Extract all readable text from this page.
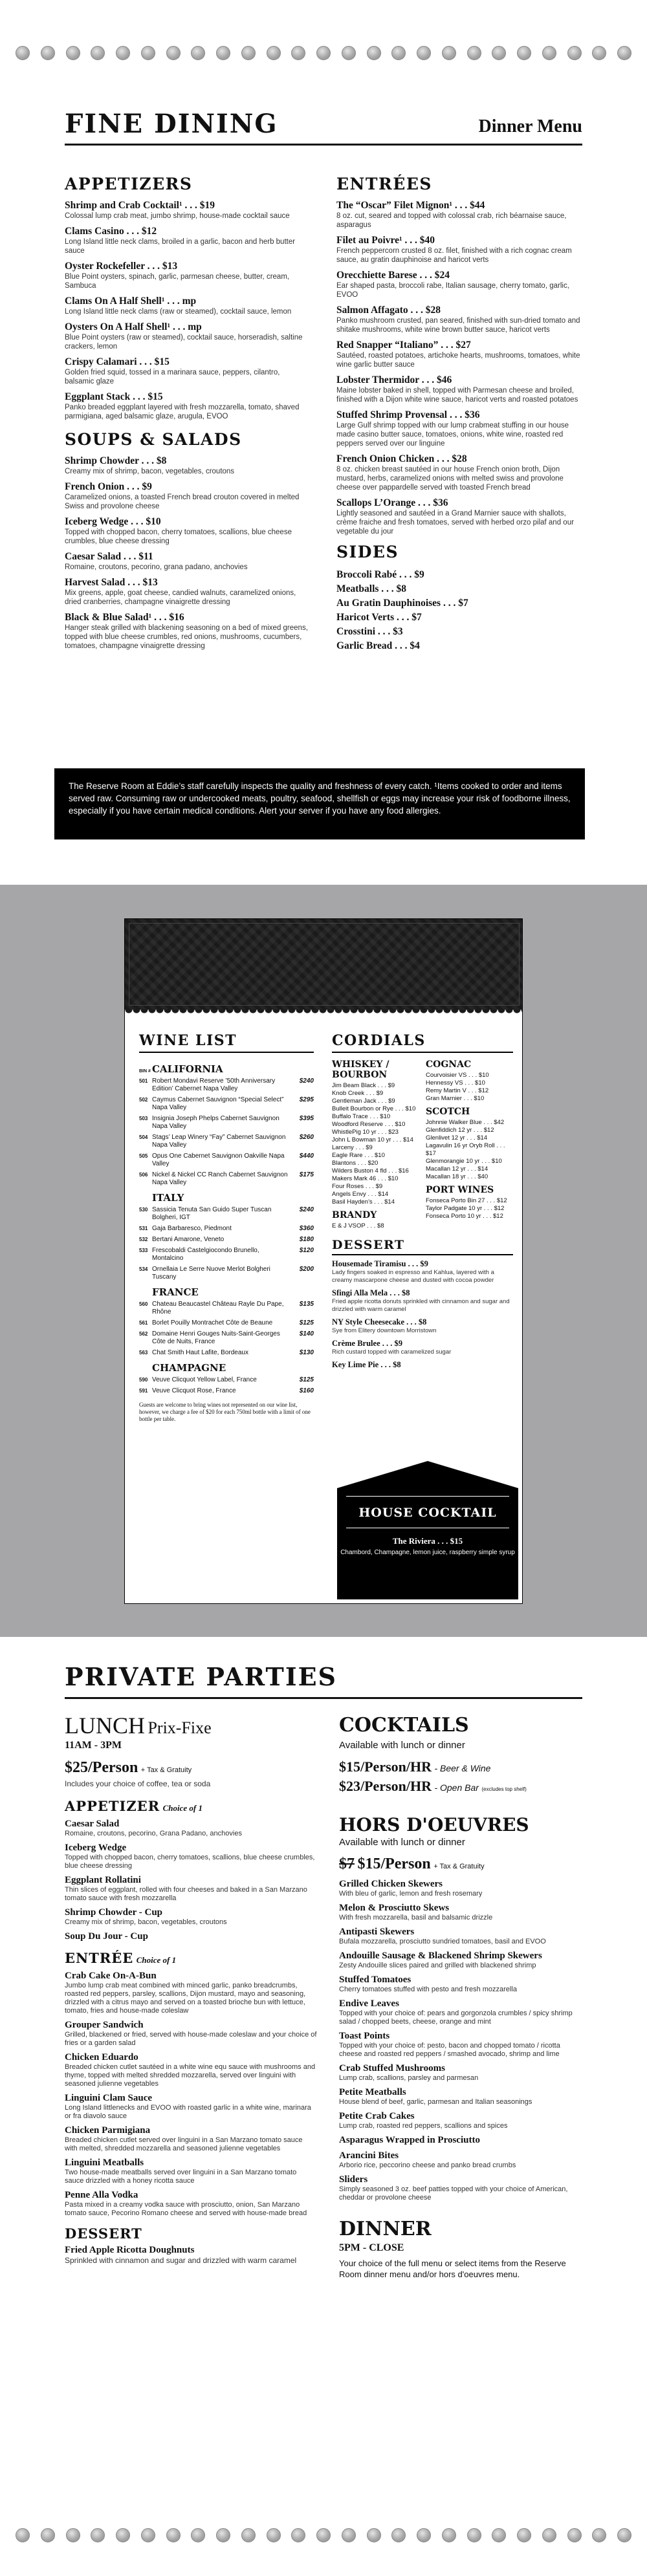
FINE DINING	Dinner Menu
APPETIZERS
Shrimp and Crab Cocktail¹ . . . $19
Colossal lump crab meat, jumbo shrimp, house-made cocktail sauce
Clams Casino . . . $12
Long Island little neck clams, broiled in a garlic, bacon and herb butter sauce
Oyster Rockefeller . . . $13
Blue Point oysters, spinach, garlic, parmesan cheese, butter, cream, Sambuca
Clams On A Half Shell¹ . . . mp
Long Island little neck clams (raw or steamed), cocktail sauce, lemon
Oysters On A Half Shell¹ . . . mp
Blue Point oysters (raw or steamed), cocktail sauce, horseradish, saltine crackers, lemon
Crispy Calamari . . . $15
Golden fried squid, tossed in a marinara sauce, peppers, cilantro, balsamic glaze
Eggplant Stack . . . $15
Panko breaded eggplant layered with fresh mozzarella, tomato, shaved parmigiana, aged balsamic glaze, arugula, EVOO
SOUPS & SALADS
Shrimp Chowder . . . $8
Creamy mix of shrimp, bacon, vegetables, croutons
French Onion . . . $9
Caramelized onions, a toasted French bread crouton covered in melted Swiss and provolone cheese
Iceberg Wedge . . . $10
Topped with chopped bacon, cherry tomatoes, scallions, blue cheese crumbles, blue cheese dressing
Caesar Salad . . . $11
Romaine, croutons, pecorino, grana padano, anchovies
Harvest Salad . . . $13
Mix greens, apple, goat cheese, candied walnuts, caramelized onions, dried cranberries, champagne vinaigrette dressing
Black & Blue Salad¹ . . . $16
Hanger steak grilled with blackening seasoning on a bed of mixed greens, topped with blue cheese crumbles, red onions, mushrooms, cucumbers, tomatoes, champagne vinaigrette dressing
ENTRÉES
The “Oscar” Filet Mignon¹ . . . $44
8 oz. cut, seared and topped with colossal crab, rich béarnaise sauce, asparagus
Filet au Poivre¹ . . . $40
French peppercorn crusted 8 oz. filet, finished with a rich cognac cream sauce, au gratin dauphinoise and haricot verts
Orecchiette Barese . . . $24
Ear shaped pasta, broccoli rabe, Italian sausage, cherry tomato, garlic, EVOO
Salmon Affagato . . . $28
Panko mushroom crusted, pan seared, finished with sun-dried tomato and shitake mushrooms, white wine brown butter sauce, haricot verts
Red Snapper “Italiano” . . . $27
Sautéed, roasted potatoes, artichoke hearts, mushrooms, tomatoes, white wine garlic butter sauce
Lobster Thermidor . . . $46
Maine lobster baked in shell, topped with Parmesan cheese and broiled, finished with a Dijon white wine sauce, haricot verts and roasted potatoes
Stuffed Shrimp Provensal . . . $36
Large Gulf shrimp topped with our lump crabmeat stuffing in our house made casino butter sauce, tomatoes, onions, white wine, roasted red peppers served over our linguine
French Onion Chicken . . . $28
8 oz. chicken breast sautéed in our house French onion broth, Dijon mustard, herbs, caramelized onions with melted swiss and provolone cheese over pappardelle served with toasted French bread
Scallops L’Orange . . . $36
Lightly seasoned and sautéed in a Grand Marnier sauce with shallots, crème fraiche and fresh tomatoes, served with herbed orzo pilaf and our vegetable du jour
SIDES
Broccoli Rabé . . . $9
Meatballs . . . $8
Au Gratin Dauphinoises . . . $7
Haricot Verts . . . $7
Crosstini . . . $3
Garlic Bread . . . $4
The Reserve Room at Eddie’s staff carefully inspects the quality and freshness of every catch. ¹Items cooked to order and items served raw. Consuming raw or undercooked meats, poultry, seafood, shellfish or eggs may increase your risk of foodborne illness, especially if you have certain medical conditions. Alert your server if you have any food allergies.
WINE LIST
BIN # CALIFORNIA
501 Robert Mondavi Reserve ’50th Anniversary Edition’ Cabernet Napa Valley
$240
502 Caymus Cabernet Sauvignon “Special Select” Napa Valley
$295
503 Insignia Joseph Phelps Cabernet Sauvignon Napa Valley
$395
504 Stags’ Leap Winery “Fay” Cabernet Sauvignon Napa Valley
$260
505 Opus One Cabernet Sauvignon Oakville Napa Valley
$440
506 Nickel & Nickel CC Ranch Cabernet Sauvignon Napa Valley
$175
ITALY
530 Sassicia Tenuta San Guido Super Tuscan Bolgheri, IGT
$240
531 Gaja Barbaresco, Piedmont	$360
532 Bertani Amarone, Veneto	$180
533 Frescobaldi Castelgiocondo Brunello, Montalcino
$120
534 Ornellaia Le Serre Nuove Merlot Bolgheri Tuscany
$200
FRANCE
560 Chateau Beaucastel Château Rayle Du Pape, Rhône
$135
561 Borlet Pouilly Montrachet Côte de Beaune	$125
562 Domaine Henri Gouges Nuits-Saint-Georges Côte de Nuits, France
$140
563 Chat Smith Haut Lafite, Bordeaux	$130
CHAMPAGNE
590 Veuve Clicquot Yellow Label, France	$125
591 Veuve Clicquot Rose, France	$160
Guests are welcome to bring wines not represented on our wine list, however, we charge a fee of $20 for each 750ml bottle with a limit of one bottle per table.
CORDIALS
WHISKEY / BOURBON
Jim Beam Black . . . $9
Knob Creek . . . $9
Gentleman Jack . . . $9
Bulleit Bourbon or Rye . . . $10
Buffalo Trace . . . $10
Woodford Reserve . . . $10
WhistlePig 10 yr . . . $23
John L Bowman 10 yr . . . $14
Larceny . . . $9
Eagle Rare . . . $10
Blantons . . . $20
Wilders Buston 4 fld . . . $16
Makers Mark 46 . . . $10
Four Roses . . . $9
Angels Envy . . . $14
Basil Hayden’s . . . $14
BRANDY
E & J VSOP . . . $8
COGNAC
Courvoisier VS . . . $10
Hennessy VS . . . $10
Remy Martin V . . . $12
Gran Marnier . . . $10
SCOTCH
Johnnie Walker Blue . . . $42
Glenfiddich 12 yr . . . $12
Glenlivet 12 yr . . . $14
Lagavulin 16 yr Oryb Roll . . . $17
Glenmorangie 10 yr . . . $10
Macallan 12 yr . . . $14
Macallan 18 yr . . . $40
PORT WINES
Fonseca Porto Bin 27 . . . $12
Taylor Padgate 10 yr . . . $12
Fonseca Porto 10 yr . . . $12
DESSERT
Housemade Tiramisu . . . $9
Lady fingers soaked in espresso and Kahlua, layered with a creamy mascarpone cheese and dusted with cocoa powder
Sfingi Alla Mela . . . $8
Fried apple ricotta donuts sprinkled with cinnamon and sugar and drizzled with warm caramel
NY Style Cheesecake . . . $8
Sye from Elitery downtown Morristown
Crème Brulee . . . $9
Rich custard topped with caramelized sugar
Key Lime Pie . . . $8
HOUSE COCKTAIL
The Riviera . . . $15
Chambord, Champagne, lemon juice, raspberry simple syrup
PRIVATE PARTIES
LUNCH Prix-Fixe
11AM - 3PM
$25/Person + Tax & Gratuity
Includes your choice of coffee, tea or soda
APPETIZER Choice of 1
Caesar Salad
Romaine, croutons, pecorino, Grana Padano, anchovies
Iceberg Wedge
Topped with chopped bacon, cherry tomatoes, scallions, blue cheese crumbles, blue cheese dressing
Eggplant Rollatini
Thin slices of eggplant, rolled with four cheeses and baked in a San Marzano tomato sauce with fresh mozzarella
Shrimp Chowder - Cup
Creamy mix of shrimp, bacon, vegetables, croutons
Soup Du Jour - Cup
ENTRÉE Choice of 1
Crab Cake On-A-Bun
Jumbo lump crab meat combined with minced garlic, panko breadcrumbs, roasted red peppers, parsley, scallions, Dijon mustard, mayo and seasoning, drizzled with a citrus mayo and served on a toasted brioche bun with lettuce, tomato, fries and house-made coleslaw
Grouper Sandwich
Grilled, blackened or fried, served with house-made coleslaw and your choice of fries or a garden salad
Chicken Eduardo
Breaded chicken cutlet sautéed in a white wine equ sauce with mushrooms and thyme, topped with melted shredded mozzarella, served over linguini with seasoned julienne vegetables
Linguini Clam Sauce
Long Island littlenecks and EVOO with roasted garlic in a white wine, marinara or fra diavolo sauce
Chicken Parmigiana
Breaded chicken cutlet served over linguini in a San Marzano tomato sauce with melted, shredded mozzarella and seasoned julienne vegetables
Linguini Meatballs
Two house-made meatballs served over linguini in a San Marzano tomato sauce drizzled with a honey ricotta sauce
Penne Alla Vodka
Pasta mixed in a creamy vodka sauce with prosciutto, onion, San Marzano tomato sauce, Pecorino Romano cheese and served with house-made bread
DESSERT
Fried Apple Ricotta Doughnuts
Sprinkled with cinnamon and sugar and drizzled with warm caramel
COCKTAILS
Available with lunch or dinner
$15/Person/HR - Beer & Wine
$23/Person/HR - Open Bar (excludes top shelf)
HORS D'OEUVRES
Available with lunch or dinner
$7 $15/Person + Tax & Gratuity
Grilled Chicken Skewers
With bleu of garlic, lemon and fresh rosemary
Melon & Prosciutto Skews
With fresh mozzarella, basil and balsamic drizzle
Antipasti Skewers
Bufala mozzarella, prosciutto sundried tomatoes, basil and EVOO
Andouille Sausage & Blackened Shrimp Skewers
Zesty Andouille slices paired and grilled with blackened shrimp
Stuffed Tomatoes
Cherry tomatoes stuffed with pesto and fresh mozzarella
Endive Leaves
Topped with your choice of: pears and gorgonzola crumbles / spicy shrimp salad / chopped beets, cheese, orange and mint
Toast Points
Topped with your choice of: pesto, bacon and chopped tomato / ricotta cheese and roasted red peppers / smashed avocado, shrimp and lime
Crab Stuffed Mushrooms
Lump crab, scallions, parsley and parmesan
Petite Meatballs
House blend of beef, garlic, parmesan and Italian seasonings
Petite Crab Cakes
Lump crab, roasted red peppers, scallions and spices
Asparagus Wrapped in Prosciutto
Arancini Bites
Arborio rice, peccorino cheese and panko bread crumbs
Sliders
Simply seasoned 3 oz. beef patties topped with your choice of American, cheddar or provolone cheese
DINNER
5PM - CLOSE
Your choice of the full menu or select items from the Reserve Room dinner menu and/or hors d'oeuvres menu.
